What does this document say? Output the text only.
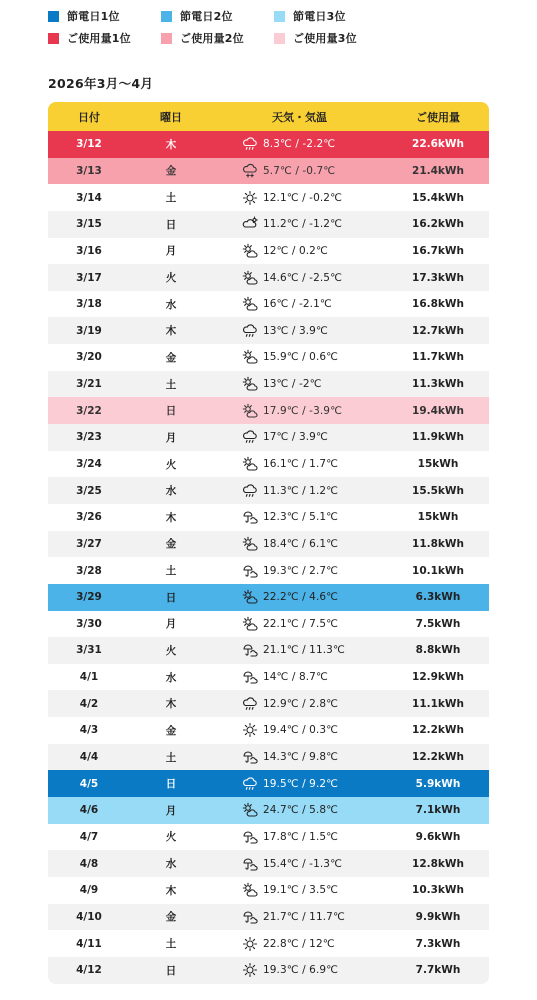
節電日1位	節電日2位	節電日3位
ご使用量1位	ご使用量2位	ご使用量3位
2026年3月〜4月
日付	曜日	天気・気温	ご使用量
3/12	木	8.3℃ / -2.2℃	22.6kWh
3/13	金	5.7℃ / -0.7℃	21.4kWh
3/14	土	12.1℃ / -0.2℃	15.4kWh
3/15	日	11.2℃ / -1.2℃	16.2kWh
3/16	月	12℃ / 0.2℃	16.7kWh
3/17	火	14.6℃ / -2.5℃	17.3kWh
3/18	水	16℃ / -2.1℃	16.8kWh
3/19	木	13℃ / 3.9℃	12.7kWh
3/20	金	15.9℃ / 0.6℃	11.7kWh
3/21	土	13℃ / -2℃	11.3kWh
3/22	日	17.9℃ / -3.9℃	19.4kWh
3/23	月	17℃ / 3.9℃	11.9kWh
3/24	火	16.1℃ / 1.7℃	15kWh
3/25	水	11.3℃ / 1.2℃	15.5kWh
3/26	木	12.3℃ / 5.1℃	15kWh
3/27	金	18.4℃ / 6.1℃	11.8kWh
3/28	土	19.3℃ / 2.7℃	10.1kWh
3/29	日	22.2℃ / 4.6℃	6.3kWh
3/30	月	22.1℃ / 7.5℃	7.5kWh
3/31	火	21.1℃ / 11.3℃	8.8kWh
4/1	水	14℃ / 8.7℃	12.9kWh
4/2	木	12.9℃ / 2.8℃	11.1kWh
4/3	金	19.4℃ / 0.3℃	12.2kWh
4/4	土	14.3℃ / 9.8℃	12.2kWh
4/5	日	19.5℃ / 9.2℃	5.9kWh
4/6	月	24.7℃ / 5.8℃	7.1kWh
4/7	火	17.8℃ / 1.5℃	9.6kWh
4/8	水	15.4℃ / -1.3℃	12.8kWh
4/9	木	19.1℃ / 3.5℃	10.3kWh
4/10	金	21.7℃ / 11.7℃	9.9kWh
4/11	土	22.8℃ / 12℃	7.3kWh
4/12	日	19.3℃ / 6.9℃	7.7kWh
